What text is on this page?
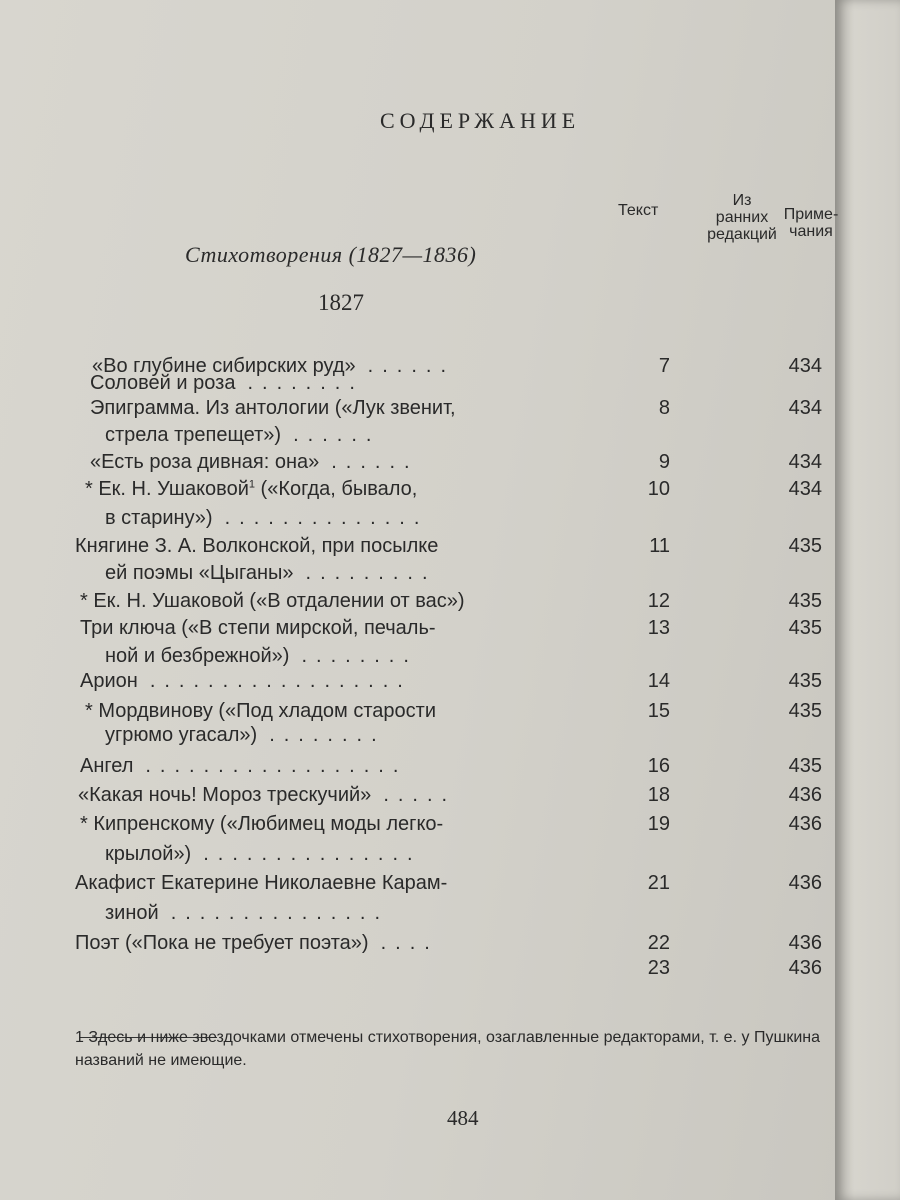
СОДЕРЖАНИЕ
Текст
Из
ранних
редакций
Приме-
чания
Стихотворения (1827—1836)
1827
«Во глубине сибирских руд» ......	7	434
Соловей и роза ........
Эпиграмма. Из антологии («Лук звенит,	8	434
стрела трепещет») ......
«Есть роза дивная: она» ......	9	434
* Ек. Н. Ушаковой$^1$ («Когда, бывало,	10	434
в старину») ..............
Княгине З. А. Волконской, при посылке	11	435
ей поэмы «Цыганы» .........
* Ек. Н. Ушаковой («В отдалении от вас»)	12	435
Три ключа («В степи мирской, печаль-	13	435
ной и безбрежной») ........
Арион ..................	14	435
* Мордвинову («Под хладом старости	15	435
угрюмо угасал») ........
Ангел ..................	16	435
«Какая ночь! Мороз трескучий» .....	18	436
* Кипренскому («Любимец моды легко-	19	436
крылой») ...............
Акафист Екатерине Николаевне Карам-	21	436
зиной ...............
Поэт («Пока не требует поэта») ....	22	436
23	436
1 Здесь и ниже звездочками отмечены стихотворения, озаглавленные редакторами, т. е. у Пушкина названий не имеющие.
484
